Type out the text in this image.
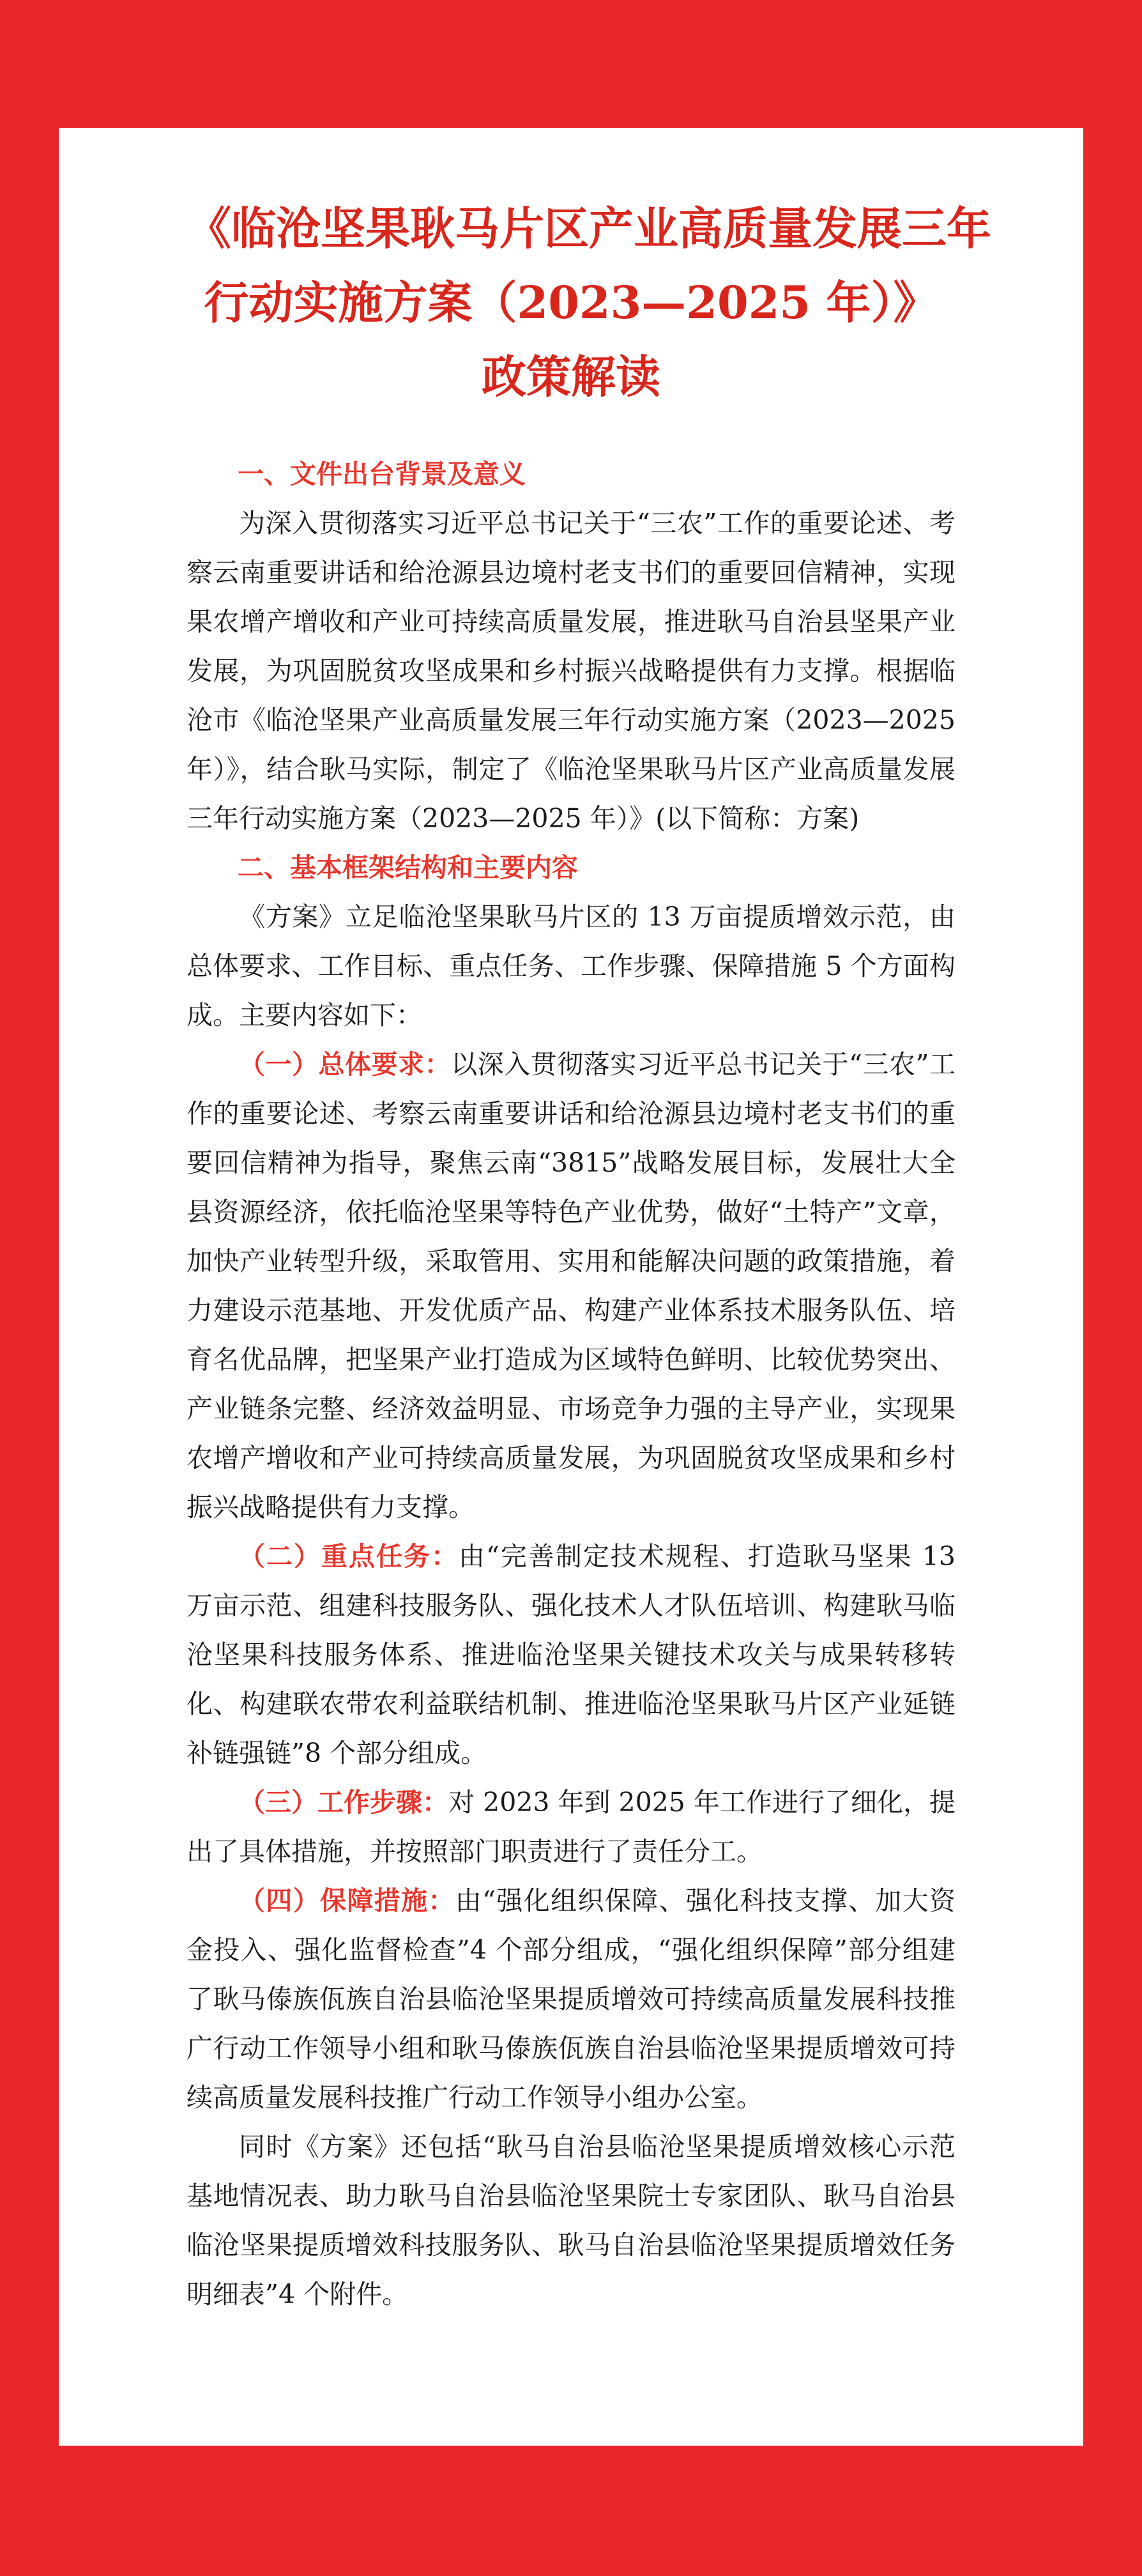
《临沧坚果耿马片区产业高质量发展三年
行动实施方案（2023—2025 年）》
政策解读

一、文件出台背景及意义

为深入贯彻落实习近平总书记关于“三农”工作的重要论述、考察云南重要讲话和给沧源县边境村老支书们的重要回信精神，实现果农增产增收和产业可持续高质量发展，推进耿马自治县坚果产业发展，为巩固脱贫攻坚成果和乡村振兴战略提供有力支撑。根据临沧市《临沧坚果产业高质量发展三年行动实施方案（2023—2025年）》，结合耿马实际，制定了《临沧坚果耿马片区产业高质量发展三年行动实施方案（2023—2025 年）》(以下简称：方案)

二、基本框架结构和主要内容

《方案》立足临沧坚果耿马片区的 13 万亩提质增效示范，由总体要求、工作目标、重点任务、工作步骤、保障措施 5 个方面构成。主要内容如下：

（一）总体要求：以深入贯彻落实习近平总书记关于“三农”工作的重要论述、考察云南重要讲话和给沧源县边境村老支书们的重要回信精神为指导，聚焦云南“3815”战略发展目标，发展壮大全县资源经济，依托临沧坚果等特色产业优势，做好“土特产”文章，加快产业转型升级，采取管用、实用和能解决问题的政策措施，着力建设示范基地、开发优质产品、构建产业体系技术服务队伍、培育名优品牌，把坚果产业打造成为区域特色鲜明、比较优势突出、产业链条完整、经济效益明显、市场竞争力强的主导产业，实现果农增产增收和产业可持续高质量发展，为巩固脱贫攻坚成果和乡村振兴战略提供有力支撑。

（二）重点任务：由“完善制定技术规程、打造耿马坚果 13 万亩示范、组建科技服务队、强化技术人才队伍培训、构建耿马临沧坚果科技服务体系、推进临沧坚果关键技术攻关与成果转移转化、构建联农带农利益联结机制、推进临沧坚果耿马片区产业延链补链强链”8 个部分组成。

（三）工作步骤：对 2023 年到 2025 年工作进行了细化，提出了具体措施，并按照部门职责进行了责任分工。

（四）保障措施：由“强化组织保障、强化科技支撑、加大资金投入、强化监督检查”4 个部分组成，“强化组织保障”部分组建了耿马傣族佤族自治县临沧坚果提质增效可持续高质量发展科技推广行动工作领导小组和耿马傣族佤族自治县临沧坚果提质增效可持续高质量发展科技推广行动工作领导小组办公室。

同时《方案》还包括“耿马自治县临沧坚果提质增效核心示范基地情况表、助力耿马自治县临沧坚果院士专家团队、耿马自治县临沧坚果提质增效科技服务队、耿马自治县临沧坚果提质增效任务明细表”4 个附件。
